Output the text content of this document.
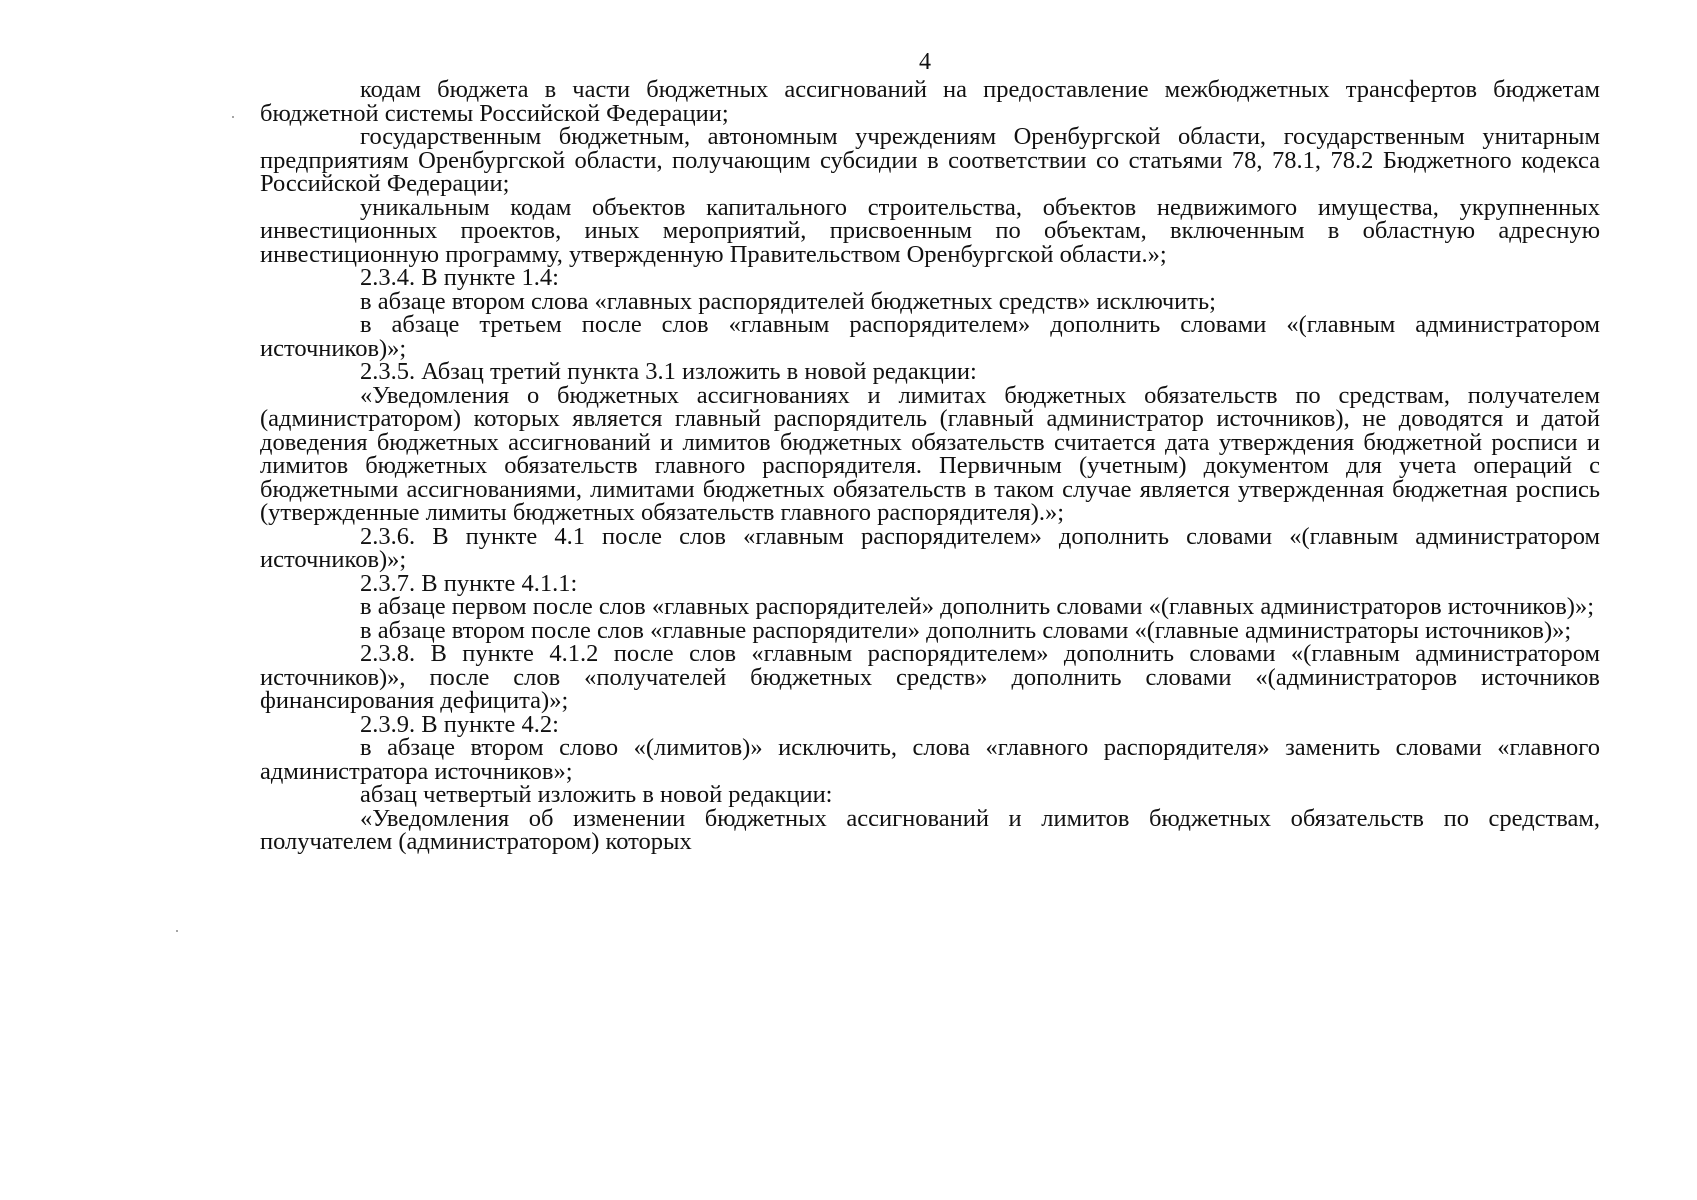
4

кодам бюджета в части бюджетных ассигнований на предоставление межбюджетных трансфертов бюджетам бюджетной системы Российской Федерации;

государственным бюджетным, автономным учреждениям Оренбургской области, государственным унитарным предприятиям Оренбургской области, получающим субсидии в соответствии со статьями 78, 78.1, 78.2 Бюджетного кодекса Российской Федерации;

уникальным кодам объектов капитального строительства, объектов недвижимого имущества, укрупненных инвестиционных проектов, иных мероприятий, присвоенным по объектам, включенным в областную адресную инвестиционную программу, утвержденную Правительством Оренбургской области.»;

2.3.4. В пункте 1.4:

в абзаце втором слова «главных распорядителей бюджетных средств» исключить;

в абзаце третьем после слов «главным распорядителем» дополнить словами «(главным администратором источников)»;

2.3.5. Абзац третий пункта 3.1 изложить в новой редакции:

«Уведомления о бюджетных ассигнованиях и лимитах бюджетных обязательств по средствам, получателем (администратором) которых является главный распорядитель (главный администратор источников), не доводятся и датой доведения бюджетных ассигнований и лимитов бюджетных обязательств считается дата утверждения бюджетной росписи и лимитов бюджетных обязательств главного распорядителя. Первичным (учетным) документом для учета операций с бюджетными ассигнованиями, лимитами бюджетных обязательств в таком случае является утвержденная бюджетная роспись (утвержденные лимиты бюджетных обязательств главного распорядителя).»;

2.3.6. В пункте 4.1 после слов «главным распорядителем» дополнить словами «(главным администратором источников)»;

2.3.7. В пункте 4.1.1:

в абзаце первом после слов «главных распорядителей» дополнить словами «(главных администраторов источников)»;

в абзаце втором после слов «главные распорядители» дополнить словами «(главные администраторы источников)»;

2.3.8. В пункте 4.1.2 после слов «главным распорядителем» дополнить словами «(главным администратором источников)», после слов «получателей бюджетных средств» дополнить словами «(администраторов источников финансирования дефицита)»;

2.3.9. В пункте 4.2:

в абзаце втором слово «(лимитов)» исключить, слова «главного распорядителя» заменить словами «главного администратора источников»;

абзац четвертый изложить в новой редакции:

«Уведомления об изменении бюджетных ассигнований и лимитов бюджетных обязательств по средствам, получателем (администратором) которых
